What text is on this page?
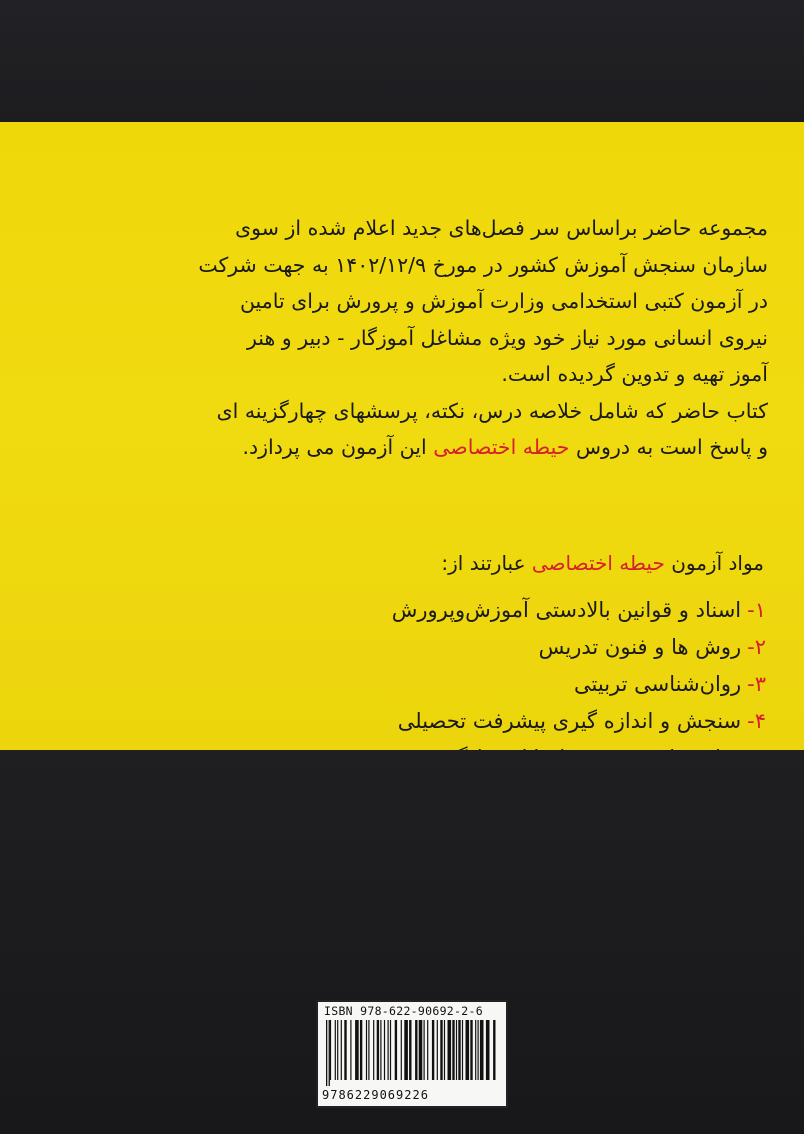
مجموعه حاضر براساس سر فصل‌های جدید اعلام شده از سوی

سازمان سنجش آموزش کشور در مورخ ۱۴۰۲/۱۲/۹ به جهت شرکت

در آزمون کتبی استخدامی وزارت آموزش و پرورش برای تامین

نیروی انسانی مورد نیاز خود ویژه مشاغل آموزگار - دبیر و هنر

آموز تهیه و تدوین گردیده است.

کتاب حاضر که شامل خلاصه درس، نکته، پرسشهای چهارگزینه ای

و پاسخ است به دروس حیطه اختصاصی این آزمون می پردازد.

مواد آزمون حیطه اختصاصی عبارتند از:
۱-اسناد و قوانین بالادستی آموزش‌وپرورش
۲-روش ها و فنون تدریس
۳-روان‌شناسی تربیتی
۴-سنجش و اندازه گیری پیشرفت تحصیلی
ISBN 978-622-90692-2-6
9786229069226
